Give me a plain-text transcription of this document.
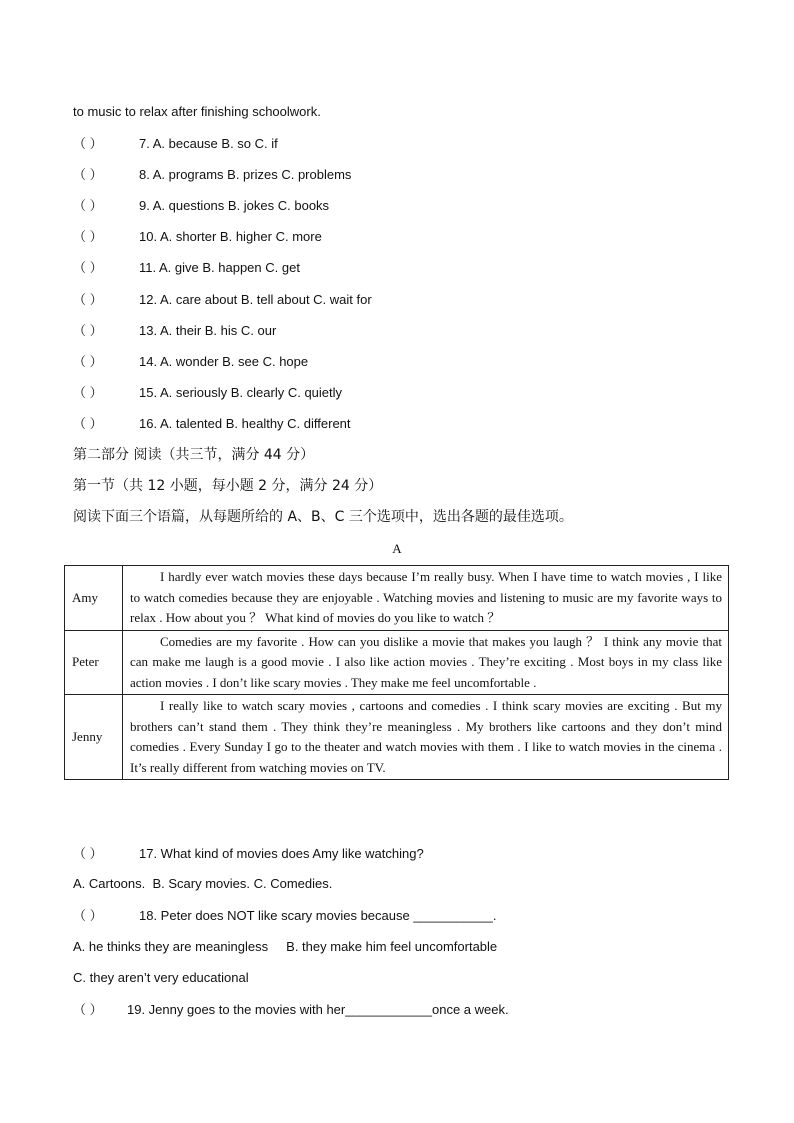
to music to relax after finishing schoolwork.
（ ）	7. A. because B. so C. if
（ ）	8. A. programs B. prizes C. problems
（ ）	9. A. questions B. jokes C. books
（ ）	10. A. shorter B. higher C. more
（ ）	11. A. give B. happen C. get
（ ）	12. A. care about B. tell about C. wait for
（ ）	13. A. their B. his C. our
（ ）	14. A. wonder B. see C. hope
（ ）	15. A. seriously B. clearly C. quietly
（ ）	16. A. talented B. healthy C. different
第二部分 阅读（共三节，满分 44 分）
第一节（共 12 小题，每小题 2 分，满分 24 分）
阅读下面三个语篇，从每题所给的 A、B、C 三个选项中，选出各题的最佳选项。
A
Amy	I hardly ever watch movies these days because I’m really busy. When I have time to watch movies , I like to watch comedies because they are enjoyable . Watching movies and listening to music are my favorite ways to relax . How about you ？ What kind of movies do you like to watch ？
Peter	Comedies are my favorite . How can you dislike a movie that makes you laugh ？ I think any movie that can make me laugh is a good movie . I also like action movies . They’re exciting . Most boys in my class like action movies . I don’t like scary movies . They make me feel uncomfortable .
Jenny	I really like to watch scary movies , cartoons and comedies . I think scary movies are exciting . But my brothers can’t stand them . They think they’re meaningless . My brothers like cartoons and they don’t mind comedies . Every Sunday I go to the theater and watch movies with them . I like to watch movies in the cinema . It’s really different from watching movies on TV.
（ ）	17. What kind of movies does Amy like watching?
A. Cartoons.  B. Scary movies. C. Comedies.
（ ）	18. Peter does NOT like scary movies because ___________.
A. he thinks they are meaningless     B. they make him feel uncomfortable
C. they aren’t very educational
（ ） 19. Jenny goes to the movies with her____________once a week.
